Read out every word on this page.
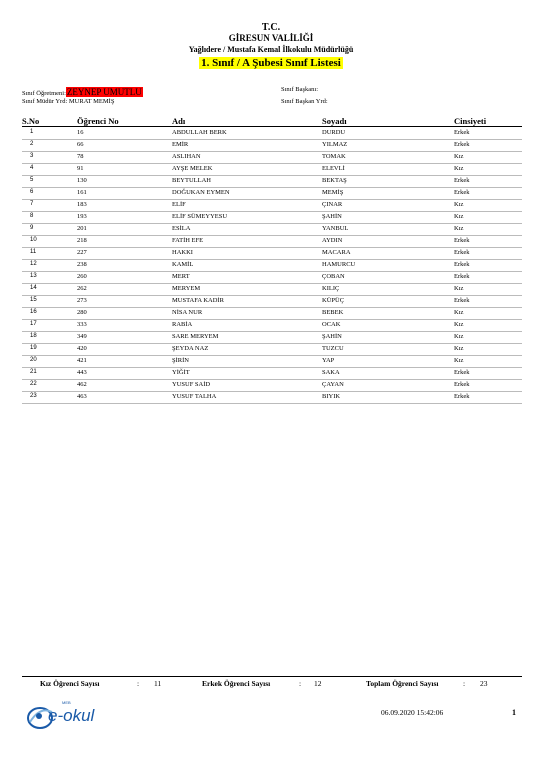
T.C.
GİRESUN VALİLİĞİ
Yağlıdere / Mustafa Kemal İlkokulu Müdürlüğü
1. Sınıf / A Şubesi Sınıf Listesi
Sınıf Öğretmeni:ZEYNEP UMUTLU
Sınıf Müdür Yrd: MURAT MEMİŞ
Sınıf Başkanı:
Sınıf Başkan Yrd:
S.No	Öğrenci No	Adı	Soyadı	Cinsiyeti
1	16	ABDULLAH BERK	DURDU	Erkek
2	66	EMİR	YILMAZ	Erkek
3	78	ASLIHAN	TOMAK	Kız
4	91	AYŞE MELEK	ELEVLİ	Kız
5	130	BEYTULLAH	BEKTAŞ	Erkek
6	161	DOĞUKAN EYMEN	MEMİŞ	Erkek
7	183	ELİF	ÇINAR	Kız
8	193	ELİF SÜMEYYESU	ŞAHİN	Kız
9	201	ESİLA	YANBUL	Kız
10	218	FATİH EFE	AYDIN	Erkek
11	227	HAKKI	MACARA	Erkek
12	238	KAMİL	HAMURCU	Erkek
13	260	MERT	ÇOBAN	Erkek
14	262	MERYEM	KILIÇ	Kız
15	273	MUSTAFA KADİR	KÜPÜÇ	Erkek
16	280	NİSA NUR	BEBEK	Kız
17	333	RABİA	OCAK	Kız
18	349	SARE MERYEM	ŞAHİN	Kız
19	420	ŞEYDA NAZ	TUZCU	Kız
20	421	ŞİRİN	YAP	Kız
21	443	YİĞİT	SAKA	Erkek
22	462	YUSUF SAİD	ÇAYAN	Erkek
23	463	YUSUF TALHA	BIYIK	Erkek
Kız Öğrenci Sayısı	: 11	Erkek Öğrenci Sayısı	: 12	Toplam Öğrenci Sayısı	: 23
MEB
e-okul	06.09.2020 15:42:06	1
